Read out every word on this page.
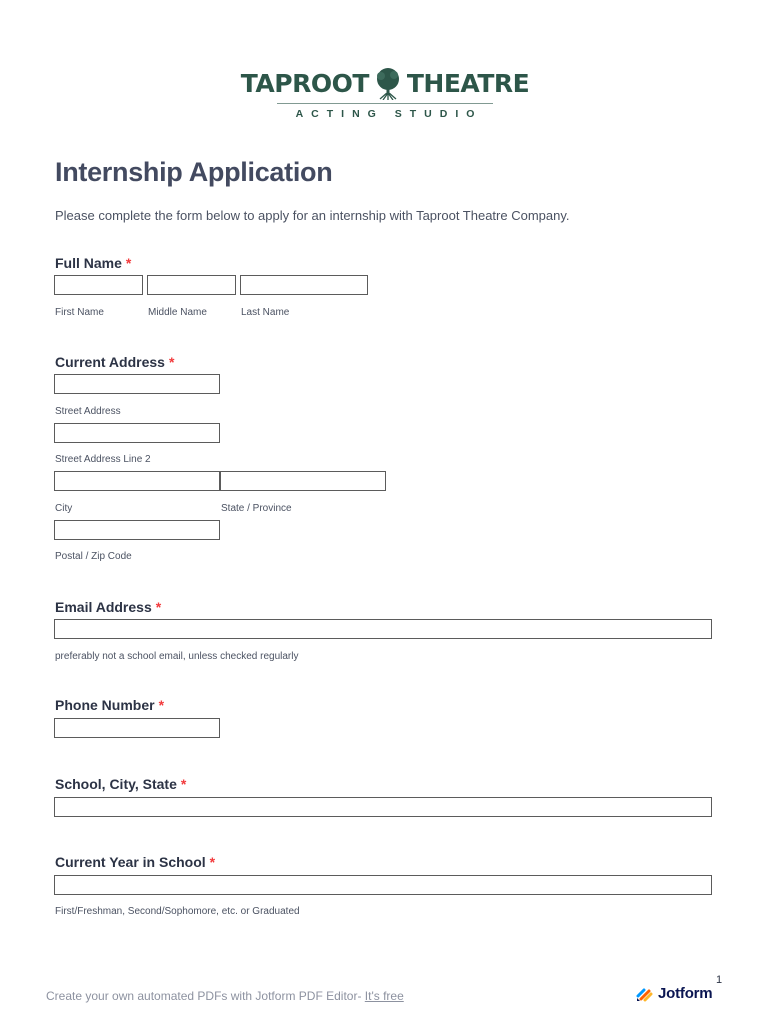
TAPROOT THEATRE
ACTING STUDIO
Internship Application
Please complete the form below to apply for an internship with Taproot Theatre Company.
Full Name *
First Name	Middle Name	Last Name
Current Address *
Street Address
Street Address Line 2
City	State / Province
Postal / Zip Code
Email Address *
preferably not a school email, unless checked regularly
Phone Number *
School, City, State *
Current Year in School *
First/Freshman, Second/Sophomore, etc. or Graduated
1
Create your own automated PDFs with Jotform PDF Editor- It's free	Jotform
